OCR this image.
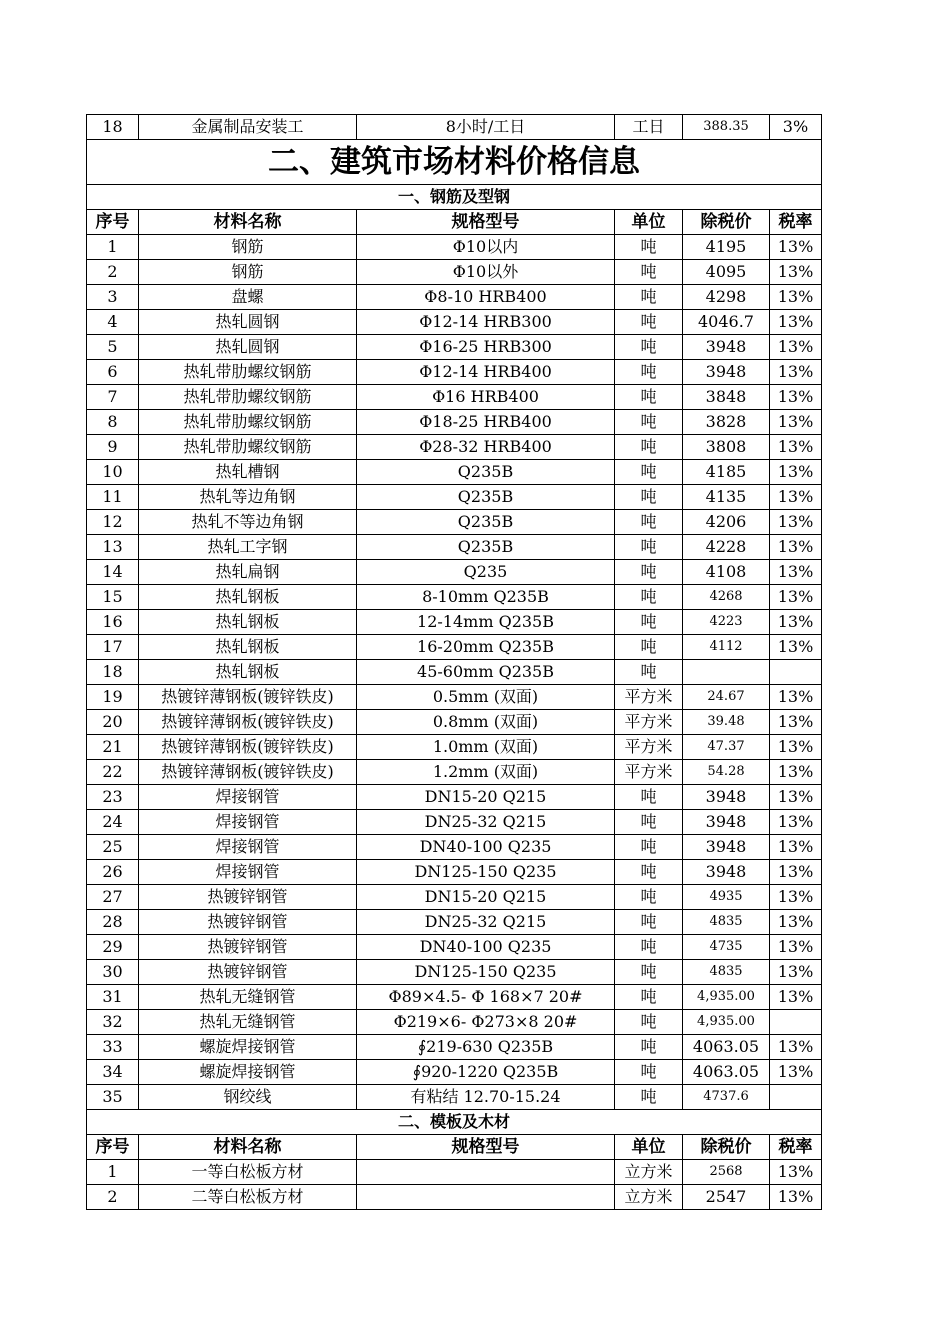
18	金属制品安装工	8小时/工日	工日	388.35	3%
二、建筑市场材料价格信息					
一、钢筋及型钢					
序号	材料名称	规格型号	单位	除税价	税率
1	钢筋	Φ10以内	吨	4195	13%
2	钢筋	Φ10以外	吨	4095	13%
3	盘螺	Φ8-10 HRB400	吨	4298	13%
4	热轧圆钢	Φ12-14 HRB300	吨	4046.7	13%
5	热轧圆钢	Φ16-25 HRB300	吨	3948	13%
6	热轧带肋螺纹钢筋	Φ12-14 HRB400	吨	3948	13%
7	热轧带肋螺纹钢筋	Φ16 HRB400	吨	3848	13%
8	热轧带肋螺纹钢筋	Φ18-25 HRB400	吨	3828	13%
9	热轧带肋螺纹钢筋	Φ28-32 HRB400	吨	3808	13%
10	热轧槽钢	Q235B	吨	4185	13%
11	热轧等边角钢	Q235B	吨	4135	13%
12	热轧不等边角钢	Q235B	吨	4206	13%
13	热轧工字钢	Q235B	吨	4228	13%
14	热轧扁钢	Q235	吨	4108	13%
15	热轧钢板	8-10mm Q235B	吨	4268	13%
16	热轧钢板	12-14mm Q235B	吨	4223	13%
17	热轧钢板	16-20mm Q235B	吨	4112	13%
18	热轧钢板	45-60mm Q235B	吨		
19	热镀锌薄钢板(镀锌铁皮)	0.5mm (双面)	平方米	24.67	13%
20	热镀锌薄钢板(镀锌铁皮)	0.8mm (双面)	平方米	39.48	13%
21	热镀锌薄钢板(镀锌铁皮)	1.0mm (双面)	平方米	47.37	13%
22	热镀锌薄钢板(镀锌铁皮)	1.2mm (双面)	平方米	54.28	13%
23	焊接钢管	DN15-20 Q215	吨	3948	13%
24	焊接钢管	DN25-32 Q215	吨	3948	13%
25	焊接钢管	DN40-100 Q235	吨	3948	13%
26	焊接钢管	DN125-150 Q235	吨	3948	13%
27	热镀锌钢管	DN15-20 Q215	吨	4935	13%
28	热镀锌钢管	DN25-32 Q215	吨	4835	13%
29	热镀锌钢管	DN40-100 Q235	吨	4735	13%
30	热镀锌钢管	DN125-150 Q235	吨	4835	13%
31	热轧无缝钢管	Φ89×4.5- Φ 168×7 20#	吨	4,935.00	13%
32	热轧无缝钢管	Φ219×6- Φ273×8 20#	吨	4,935.00	
33	螺旋焊接钢管	∮219-630 Q235B	吨	4063.05	13%
34	螺旋焊接钢管	∮920-1220 Q235B	吨	4063.05	13%
35	钢绞线	有粘结 12.70-15.24	吨	4737.6	
二、模板及木材					
序号	材料名称	规格型号	单位	除税价	税率
1	一等白松板方材		立方米	2568	13%
2	二等白松板方材		立方米	2547	13%
